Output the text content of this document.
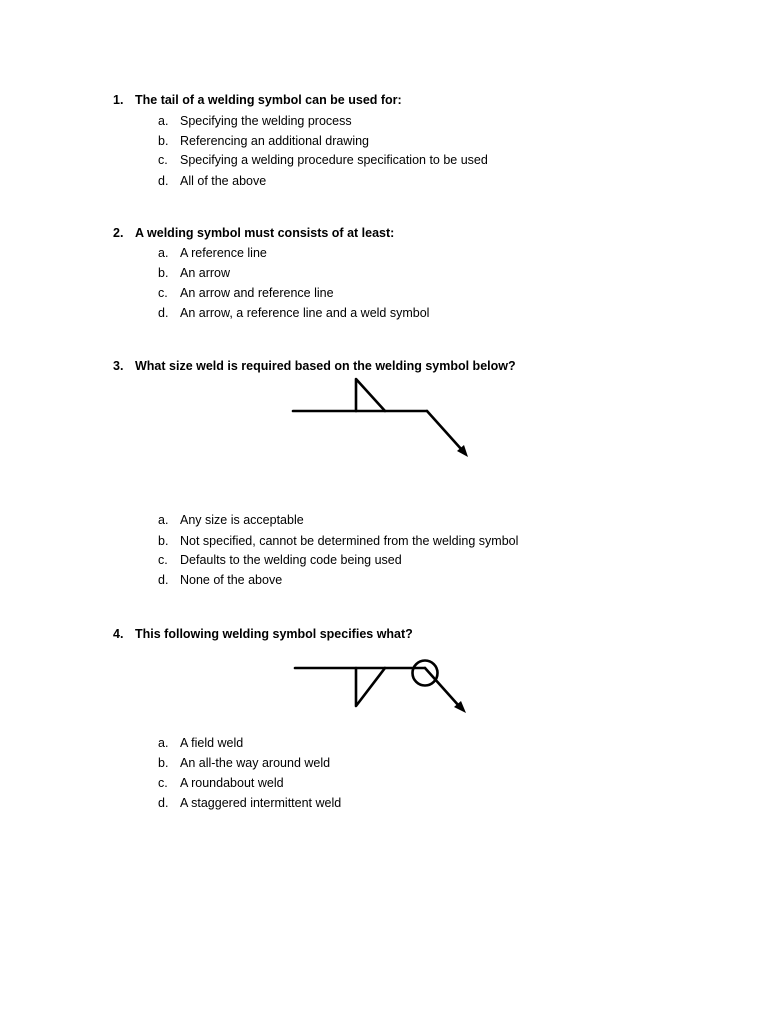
1. The tail of a welding symbol can be used for:
a. Specifying the welding process
b. Referencing an additional drawing
c. Specifying a welding procedure specification to be used
d. All of the above
2. A welding symbol must consists of at least:
a. A reference line
b. An arrow
c. An arrow and reference line
d. An arrow, a reference line and a weld symbol
3. What size weld is required based on the welding symbol below?
a. Any size is acceptable
b. Not specified, cannot be determined from the welding symbol
c. Defaults to the welding code being used
d. None of the above
4. This following welding symbol specifies what?
a. A field weld
b. An all-the way around weld
c. A roundabout weld
d. A staggered intermittent weld
